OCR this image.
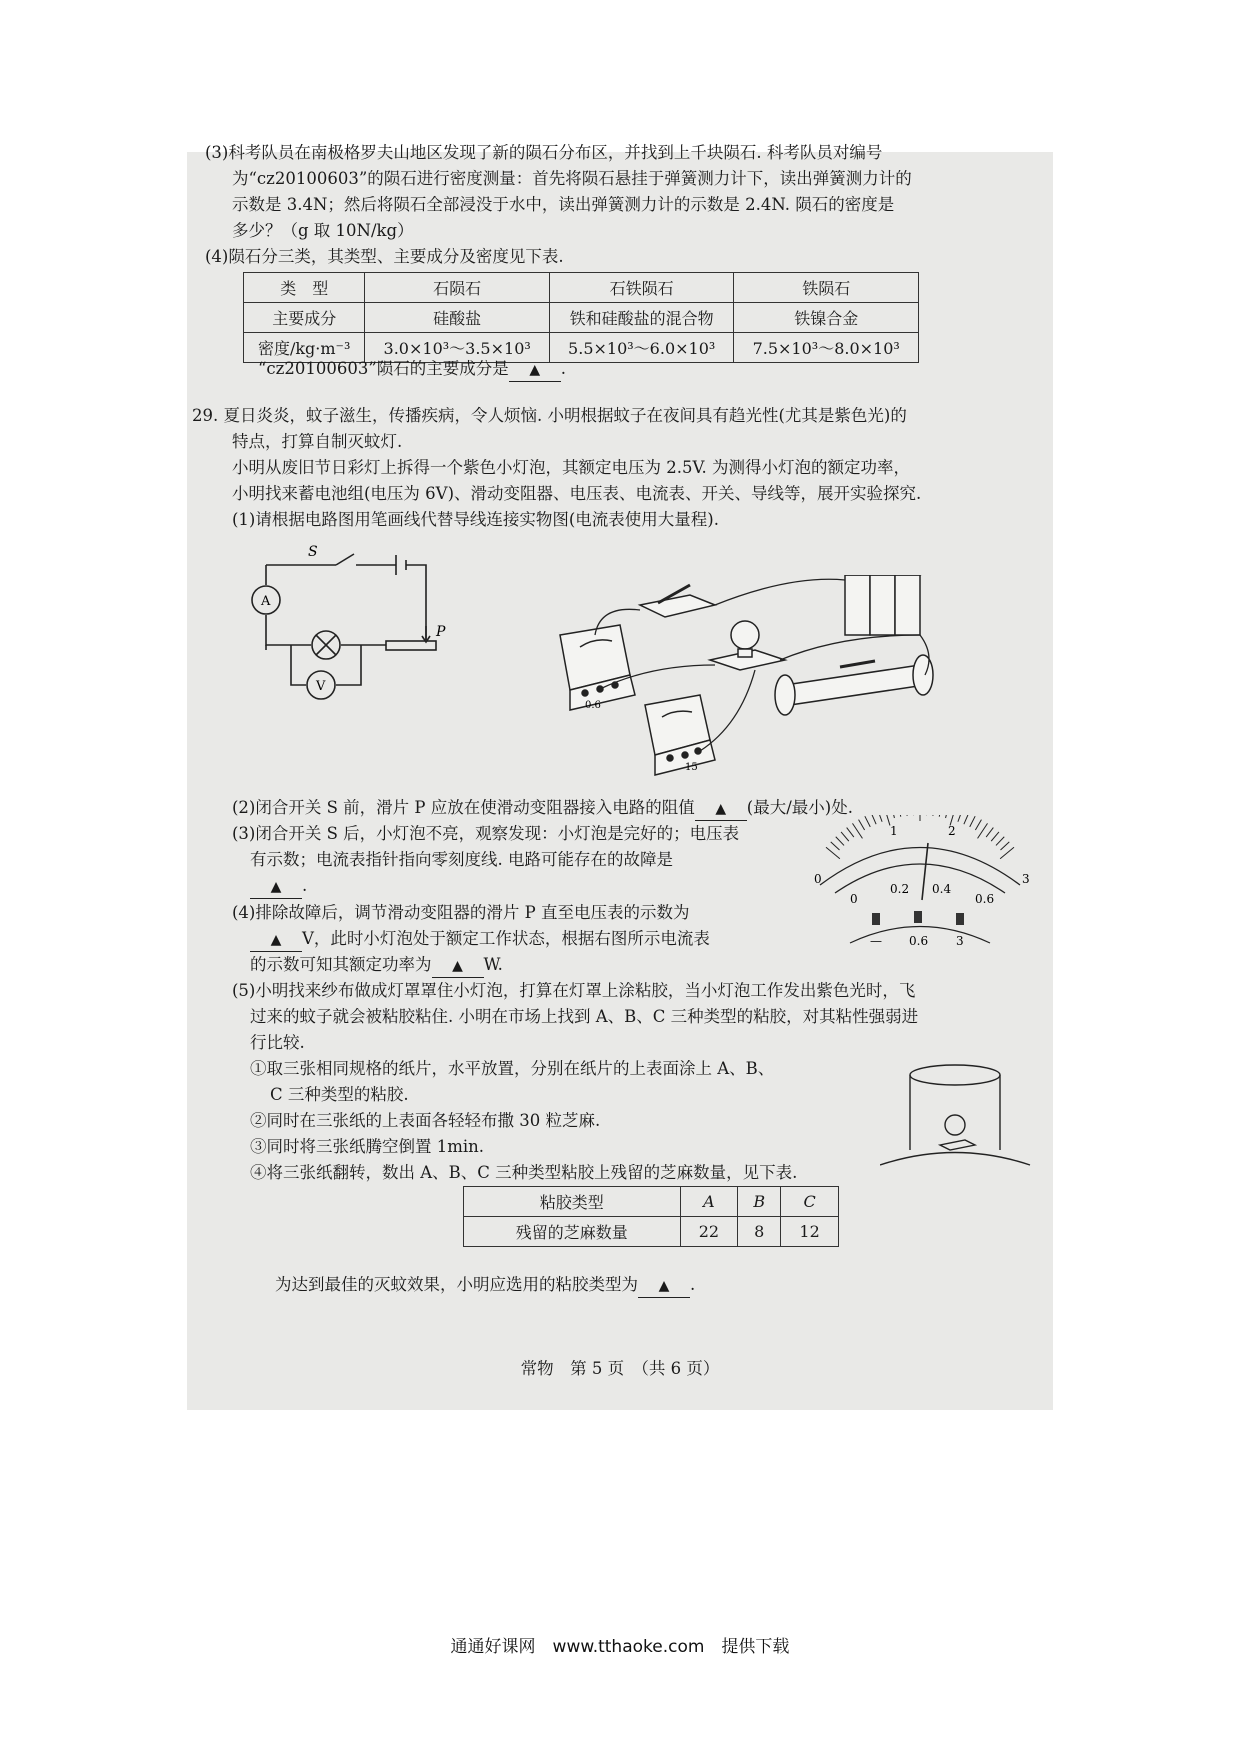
(3)科考队员在南极格罗夫山地区发现了新的陨石分布区，并找到上千块陨石. 科考队员对编号
为“cz20100603”的陨石进行密度测量：首先将陨石悬挂于弹簧测力计下，读出弹簧测力计的
示数是 3.4N；然后将陨石全部浸没于水中，读出弹簧测力计的示数是 2.4N. 陨石的密度是
多少？（g 取 10N/kg）
(4)陨石分三类，其类型、主要成分及密度见下表.
类　型	石陨石	石铁陨石	铁陨石
主要成分	硅酸盐	铁和硅酸盐的混合物	铁镍合金
密度/kg·m⁻³	3.0×10³～3.5×10³	5.5×10³～6.0×10³	7.5×10³～8.0×10³
“cz20100603”陨石的主要成分是 ▲	.
29. 夏日炎炎，蚊子滋生，传播疾病，令人烦恼. 小明根据蚊子在夜间具有趋光性(尤其是紫色光)的
特点，打算自制灭蚊灯.
小明从废旧节日彩灯上拆得一个紫色小灯泡，其额定电压为 2.5V. 为测得小灯泡的额定功率，
小明找来蓄电池组(电压为 6V)、滑动变阻器、电压表、电流表、开关、导线等，展开实验探究.
(1)请根据电路图用笔画线代替导线连接实物图(电流表使用大量程).
S
A
V
P
0.6
15
(2)闭合开关 S 前，滑片 P 应放在使滑动变阻器接入电路的阻值 ▲	(最大/最小)处.
(3)闭合开关 S 后，小灯泡不亮，观察发现：小灯泡是完好的；电压表
有示数；电流表指针指向零刻度线. 电路可能存在的故障是
▲.
(4)排除故障后，调节滑动变阻器的滑片 P 直至电压表的示数为
▲V，此时小灯泡处于额定工作状态，根据右图所示电流表
的示数可知其额定功率为 ▲	W.
0
1	2
3
0
0.2 0.4
0.6
— 0.6 3
(5)小明找来纱布做成灯罩罩住小灯泡，打算在灯罩上涂粘胶，当小灯泡工作发出紫色光时，飞
过来的蚊子就会被粘胶粘住. 小明在市场上找到 A、B、C 三种类型的粘胶，对其粘性强弱进
行比较.
①取三张相同规格的纸片，水平放置，分别在纸片的上表面涂上 A、B、
C 三种类型的粘胶.
②同时在三张纸的上表面各轻轻布撒 30 粒芝麻.
③同时将三张纸腾空倒置 1min.
④将三张纸翻转，数出 A、B、C 三种类型粘胶上残留的芝麻数量，见下表.
粘胶类型	A	B	C
残留的芝麻数量	22	8	12
为达到最佳的灭蚊效果，小明应选用的粘胶类型为 ▲	.
常物　第 5 页　（共 6 页）
通通好课网　www.tthaoke.com　提供下载
